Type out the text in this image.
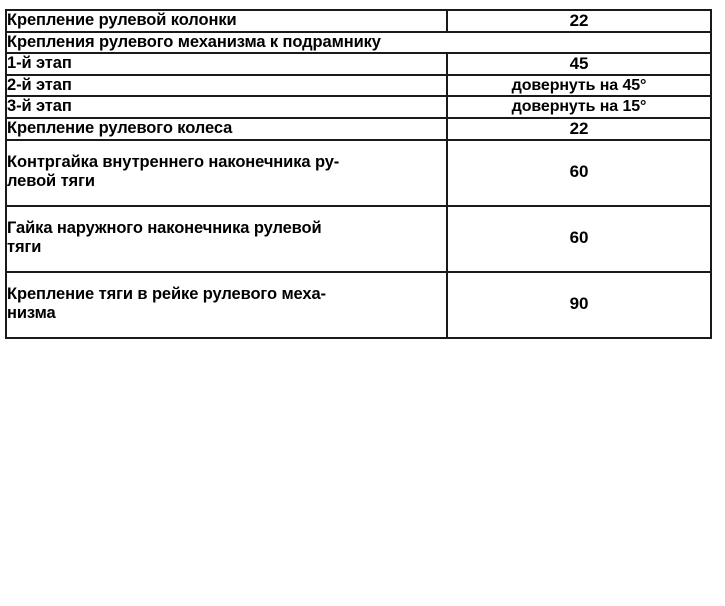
Крепление рулевой колонки	22
Крепления рулевого механизма к подрамнику	
1-й этап	45
2-й этап	довернуть на 45°
3-й этап	довернуть на 15°
Крепление рулевого колеса	22
Контргайка внутреннего наконечника ру-
левой тяги	60
Гайка наружного наконечника рулевой
тяги	60
Крепление тяги в рейке рулевого меха-
низма	90
